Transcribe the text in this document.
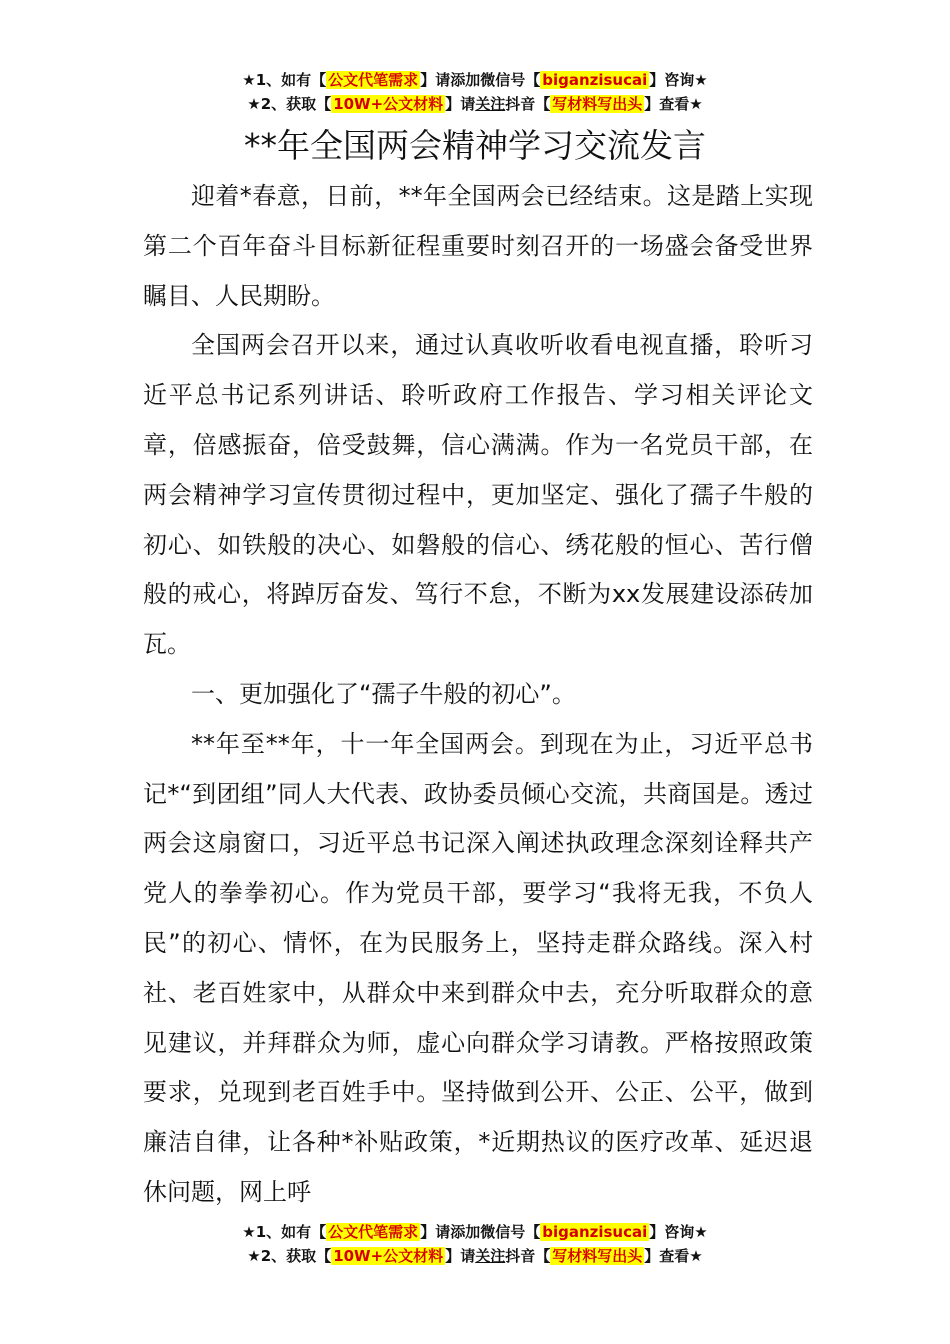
★1、如有【 公文代笔需求 】请添加微信号【 biganzisucai 】咨询★
★2、获取【 10W+公文材料 】请关注抖音【 写材料写出头 】查看★
**年全国两会精神学习交流发言

迎着*春意，日前，**年全国两会已经结束。这是踏上实现第二个百年奋斗目标新征程重要时刻召开的一场盛会备受世界瞩目、人民期盼。

全国两会召开以来，通过认真收听收看电视直播，聆听习近平总书记系列讲话、聆听政府工作报告、学习相关评论文章，倍感振奋，倍受鼓舞，信心满满。作为一名党员干部，在两会精神学习宣传贯彻过程中，更加坚定、强化了孺子牛般的初心、如铁般的决心、如磐般的信心、绣花般的恒心、苦行僧般的戒心，将踔厉奋发、笃行不怠，不断为xx发展建设添砖加瓦。

一、更加强化了“孺子牛般的初心”。

**年至**年，十一年全国两会。到现在为止，习近平总书记*“到团组”同人大代表、政协委员倾心交流，共商国是。透过两会这扇窗口，习近平总书记深入阐述执政理念深刻诠释共产党人的拳拳初心。作为党员干部，要学习“我将无我，不负人民”的初心、情怀，在为民服务上，坚持走群众路线。深入村社、老百姓家中，从群众中来到群众中去，充分听取群众的意见建议，并拜群众为师，虚心向群众学习请教。严格按照政策要求，兑现到老百姓手中。坚持做到公开、公正、公平，做到廉洁自律，让各种*补贴政策，*近期热议的医疗改革、延迟退休问题，网上呼

★1、如有【 公文代笔需求 】请添加微信号【 biganzisucai 】咨询★
★2、获取【 10W+公文材料 】请关注抖音【 写材料写出头 】查看★
